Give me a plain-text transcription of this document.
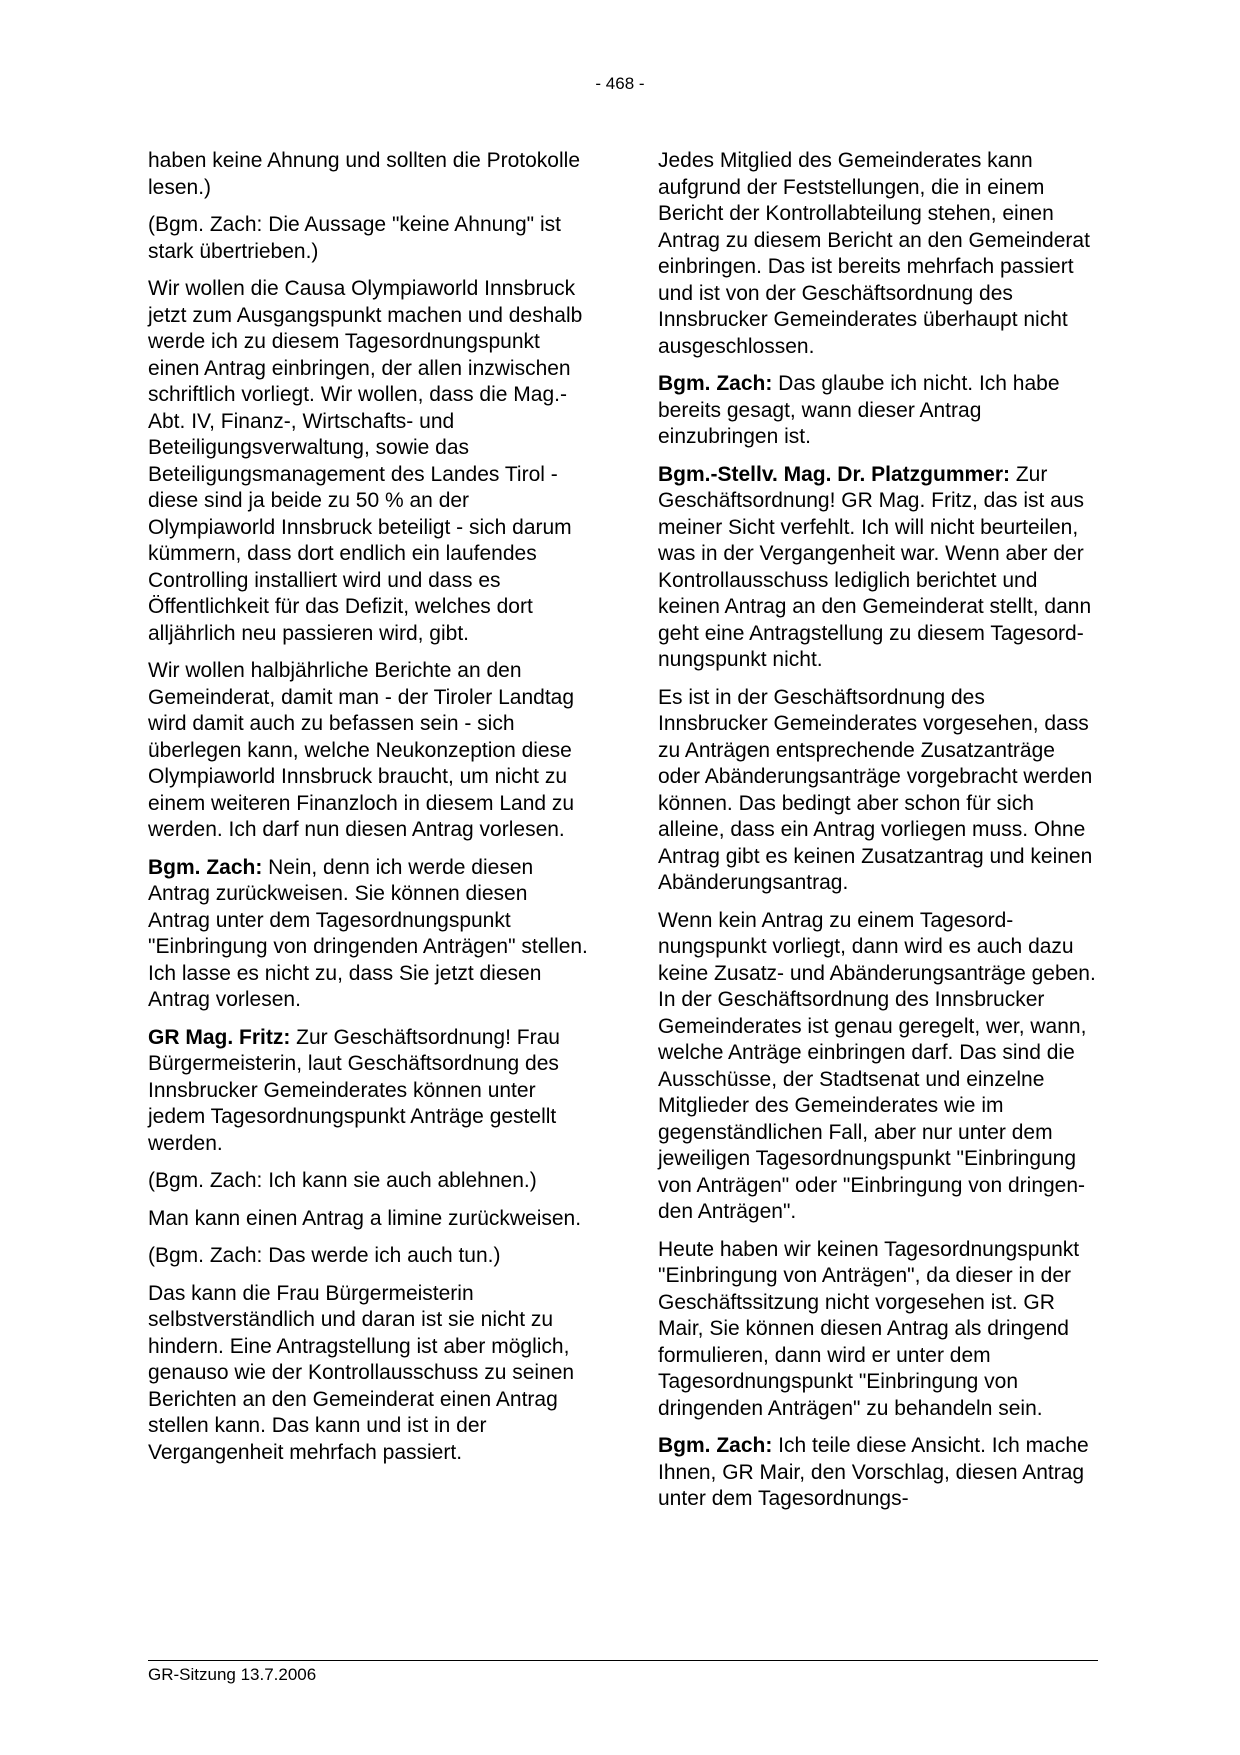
- 468 -

haben keine Ahnung und sollten die Protokolle lesen.)

(Bgm. Zach: Die Aussage "keine Ahnung" ist stark übertrieben.)

Wir wollen die Causa Olympiaworld Innsbruck jetzt zum Ausgangspunkt machen und deshalb werde ich zu diesem Tagesordnungspunkt einen Antrag einbringen, der allen inzwischen schriftlich vorliegt. Wir wollen, dass die Mag.-Abt. IV, Finanz-, Wirtschafts- und Beteiligungsverwaltung, sowie das Beteiligungsmanagement des Landes Tirol - diese sind ja beide zu 50 % an der Olympiaworld Innsbruck beteiligt - sich darum kümmern, dass dort endlich ein laufendes Controlling installiert wird und dass es Öffentlichkeit für das Defizit, welches dort alljährlich neu passieren wird, gibt.

Wir wollen halbjährliche Berichte an den Gemeinderat, damit man - der Tiroler Landtag wird damit auch zu befassen sein - sich überlegen kann, welche Neukonzeption diese Olympiaworld Innsbruck braucht, um nicht zu einem weiteren Finanzloch in diesem Land zu werden. Ich darf nun diesen Antrag vorlesen.

Bgm. Zach: Nein, denn ich werde diesen Antrag zurückweisen. Sie können diesen Antrag unter dem Tagesordnungspunkt "Einbringung von dringenden Anträgen" stellen. Ich lasse es nicht zu, dass Sie jetzt diesen Antrag vorlesen.

GR Mag. Fritz: Zur Geschäftsordnung! Frau Bürgermeisterin, laut Geschäftsordnung des Innsbrucker Gemeinderates können unter jedem Tagesordnungspunkt Anträge gestellt werden.

(Bgm. Zach: Ich kann sie auch ablehnen.)

Man kann einen Antrag a limine zurückweisen.

(Bgm. Zach: Das werde ich auch tun.)

Das kann die Frau Bürgermeisterin selbstverständlich und daran ist sie nicht zu hindern. Eine Antragstellung ist aber möglich, genauso wie der Kontrollausschuss zu seinen Berichten an den Gemeinderat einen Antrag stellen kann. Das kann und ist in der Vergangenheit mehrfach passiert.

Jedes Mitglied des Gemeinderates kann aufgrund der Feststellungen, die in einem Bericht der Kontrollabteilung stehen, einen Antrag zu diesem Bericht an den Gemeinderat einbringen. Das ist bereits mehrfach passiert und ist von der Geschäftsordnung des Innsbrucker Gemeinderates überhaupt nicht ausgeschlossen.

Bgm. Zach: Das glaube ich nicht. Ich habe bereits gesagt, wann dieser Antrag einzubringen ist.

Bgm.-Stellv. Mag. Dr. Platzgummer: Zur Geschäftsordnung! GR Mag. Fritz, das ist aus meiner Sicht verfehlt. Ich will nicht beurteilen, was in der Vergangenheit war. Wenn aber der Kontrollausschuss lediglich berichtet und keinen Antrag an den Gemeinderat stellt, dann geht eine Antragstellung zu diesem Tagesordnungspunkt nicht.

Es ist in der Geschäftsordnung des Innsbrucker Gemeinderates vorgesehen, dass zu Anträgen entsprechende Zusatzanträge oder Abänderungsanträge vorgebracht werden können. Das bedingt aber schon für sich alleine, dass ein Antrag vorliegen muss. Ohne Antrag gibt es keinen Zusatzantrag und keinen Abänderungsantrag.

Wenn kein Antrag zu einem Tagesordnungspunkt vorliegt, dann wird es auch dazu keine Zusatz- und Abänderungsanträge geben. In der Geschäftsordnung des Innsbrucker Gemeinderates ist genau geregelt, wer, wann, welche Anträge einbringen darf. Das sind die Ausschüsse, der Stadtsenat und einzelne Mitglieder des Gemeinderates wie im gegenständlichen Fall, aber nur unter dem jeweiligen Tagesordnungspunkt "Einbringung von Anträgen" oder "Einbringung von dringenden Anträgen".

Heute haben wir keinen Tagesordnungspunkt "Einbringung von Anträgen", da dieser in der Geschäftssitzung nicht vorgesehen ist. GR Mair, Sie können diesen Antrag als dringend formulieren, dann wird er unter dem Tagesordnungspunkt "Einbringung von dringenden Anträgen" zu behandeln sein.

Bgm. Zach: Ich teile diese Ansicht. Ich mache Ihnen, GR Mair, den Vorschlag, diesen Antrag unter dem Tagesordnungs-

GR-Sitzung 13.7.2006
